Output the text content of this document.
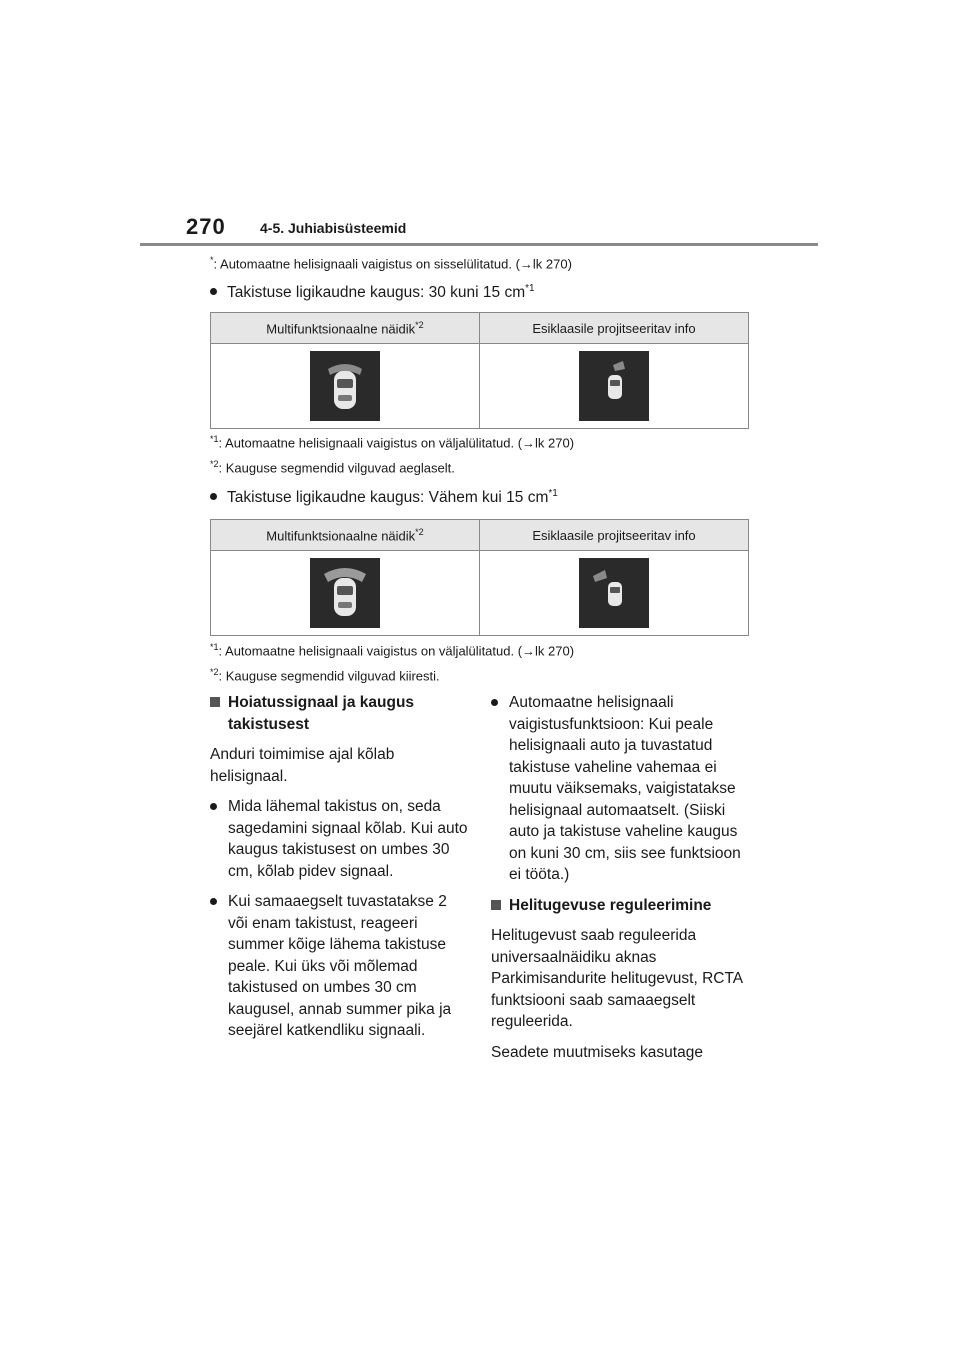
270 4-5. Juhiabisüsteemid
*: Automaatne helisignaali vaigistus on sisselülitatud. (→lk 270)
Takistuse ligikaudne kaugus: 30 kuni 15 $cm^{*1}$
Multifunktsionaalne näidik$^{*2}$	Esiklaasile projitseeritav info

$^{*1}$: Automaatne helisignaali vaigistus on väljalülitatud. (→lk 270)
$^{*2}$: Kauguse segmendid vilguvad aeglaselt.
Takistuse ligikaudne kaugus: Vähem kui 15 $cm^{*1}$
Multifunktsionaalne näidik$^{*2}$	Esiklaasile projitseeritav info

$^{*1}$: Automaatne helisignaali vaigistus on väljalülitatud. (→lk 270)
$^{*2}$: Kauguse segmendid vilguvad kiiresti.

Hoiatussignaal ja kaugus takistusest

Anduri toimimise ajal kõlab helisignaal.

Mida lähemal takistus on, seda sagedamini signaal kõlab. Kui auto kaugus takistusest on umbes 30 cm, kõlab pidev signaal.
Kui samaaegselt tuvastatakse 2 või enam takistust, reageeri summer kõige lähema takistuse peale. Kui üks või mõlemad takistused on umbes 30 cm kaugusel, annab summer pika ja seejärel katkendliku signaali.
Automaatne helisignaali vaigistusfunktsioon: Kui peale helisignaali auto ja tuvastatud takistuse vaheline vahemaa ei muutu väiksemaks, vaigistatakse helisignaal automaatselt. (Siiski auto ja takistuse vaheline kaugus on kuni 30 cm, siis see funktsioon ei tööta.)

Helitugevuse reguleerimine

Helitugevust saab reguleerida universaalnäidiku aknas Parkimisandurite helitugevust, RCTA funktsiooni saab samaaegselt reguleerida.

Seadete muutmiseks kasutage
